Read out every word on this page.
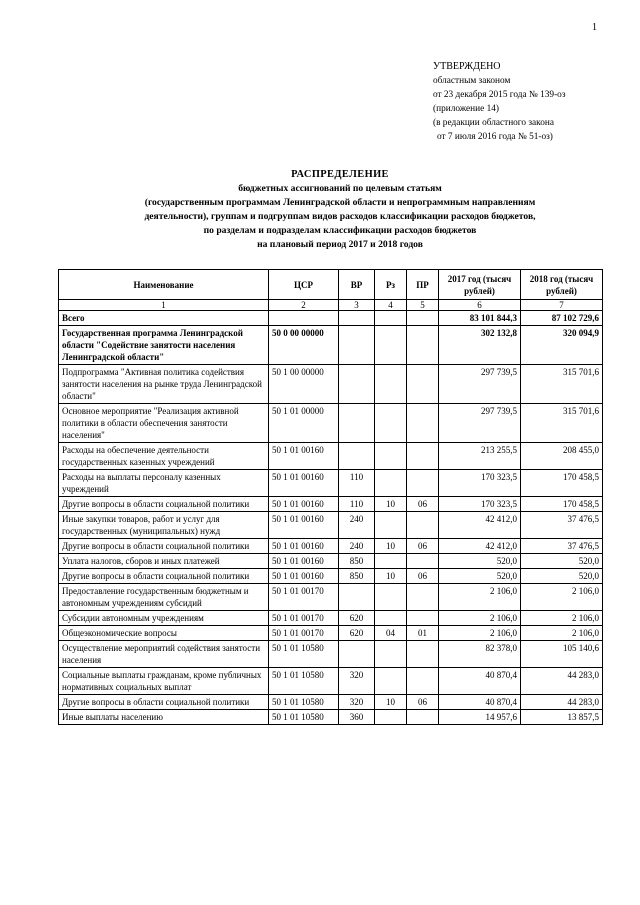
1
УТВЕРЖДЕНО
областным законом
от 23 декабря 2015 года № 139-оз
(приложение 14)
(в редакции областного закона
от 7 июля 2016 года № 51-оз)
РАСПРЕДЕЛЕНИЕ
бюджетных ассигнований по целевым статьям
(государственным программам Ленинградской области и непрограммным направлениям
деятельности), группам и подгруппам видов расходов классификации расходов бюджетов,
по разделам и подразделам классификации расходов бюджетов
на плановый период 2017 и 2018 годов
Наименование	ЦСР	ВР	Рз	ПР	2017 год (тысяч рублей)	2018 год (тысяч рублей)
1	2	3	4	5	6	7
Всего					83 101 844,3	87 102 729,6
Государственная программа Ленинградской области "Содействие занятости населения Ленинградской области"	50 0 00 00000				302 132,8	320 094,9
Подпрограмма "Активная политика содействия занятости населения на рынке труда Ленинградской области"	50 1 00 00000				297 739,5	315 701,6
Основное мероприятие "Реализация активной политики в области обеспечения занятости населения"	50 1 01 00000				297 739,5	315 701,6
Расходы на обеспечение деятельности государственных казенных учреждений	50 1 01 00160				213 255,5	208 455,0
Расходы на выплаты персоналу казенных учреждений	50 1 01 00160	110			170 323,5	170 458,5
Другие вопросы в области социальной политики	50 1 01 00160	110	10	06	170 323,5	170 458,5
Иные закупки товаров, работ и услуг для государственных (муниципальных) нужд	50 1 01 00160	240			42 412,0	37 476,5
Другие вопросы в области социальной политики	50 1 01 00160	240	10	06	42 412,0	37 476,5
Уплата налогов, сборов и иных платежей	50 1 01 00160	850			520,0	520,0
Другие вопросы в области социальной политики	50 1 01 00160	850	10	06	520,0	520,0
Предоставление государственным бюджетным и автономным учреждениям субсидий	50 1 01 00170				2 106,0	2 106,0
Субсидии автономным учреждениям	50 1 01 00170	620			2 106,0	2 106,0
Общеэкономические вопросы	50 1 01 00170	620	04	01	2 106,0	2 106,0
Осуществление мероприятий содействия занятости населения	50 1 01 10580				82 378,0	105 140,6
Социальные выплаты гражданам, кроме публичных нормативных социальных выплат	50 1 01 10580	320			40 870,4	44 283,0
Другие вопросы в области социальной политики	50 1 01 10580	320	10	06	40 870,4	44 283,0
Иные выплаты населению	50 1 01 10580	360			14 957,6	13 857,5
